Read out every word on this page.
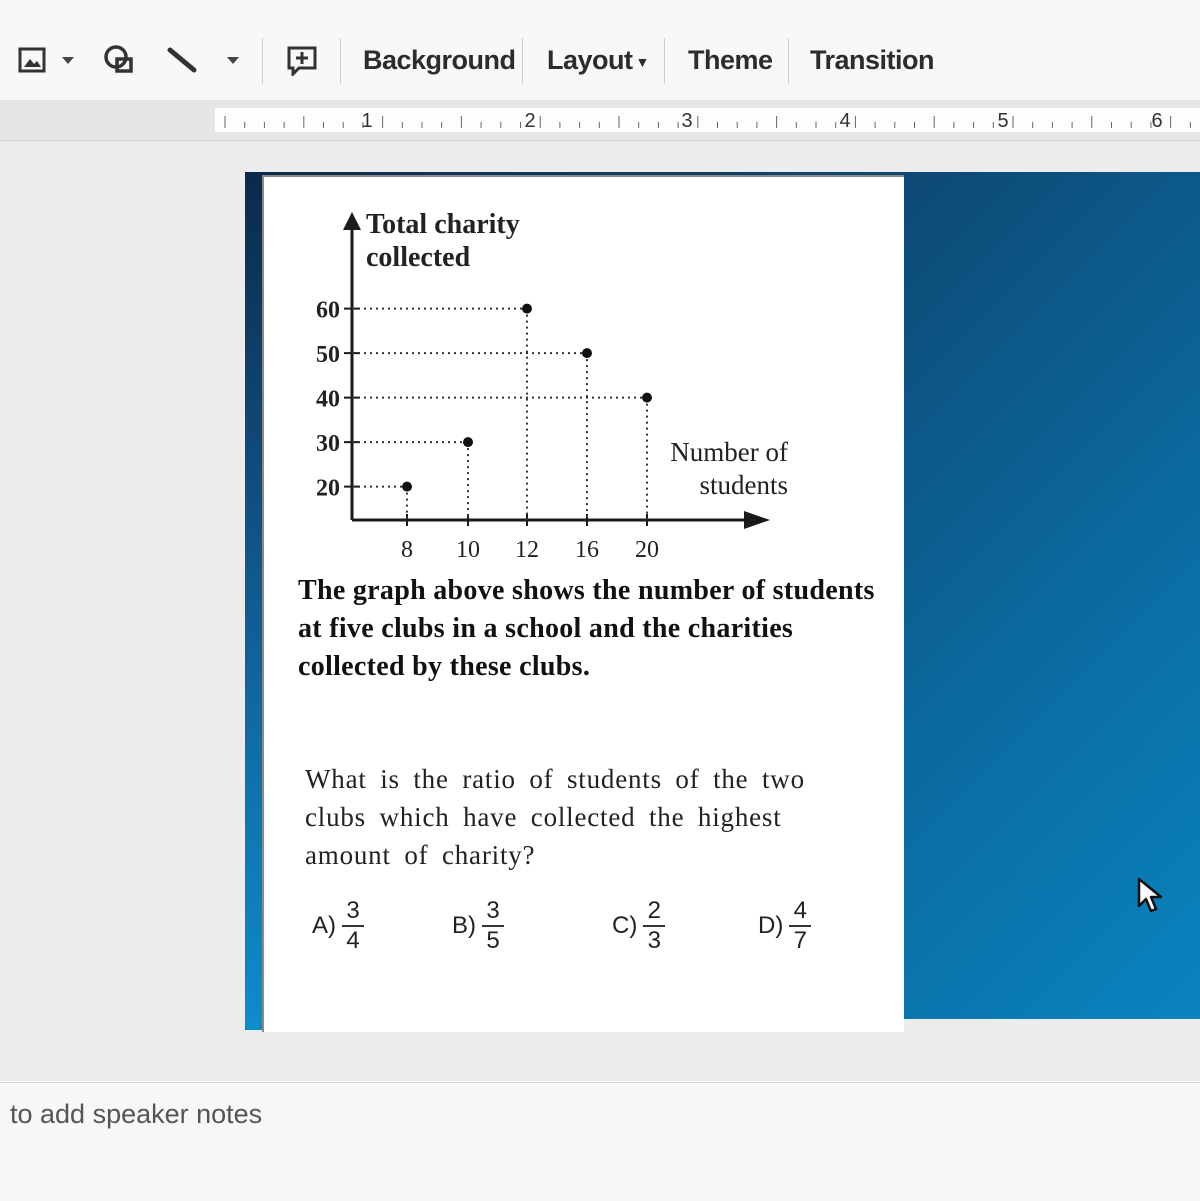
Background Layout ▼ Theme Transition
1	2	3	4	5	6
20
30
40
50
60
8 10 12 16 20
Total charity
collected
Number of
students
The graph above shows the number of students at five clubs in a school and the charities collected by these clubs.
What is the ratio of students of the two clubs which have collected the highest amount of charity?
$A) \frac{3}{4}$	$B) \frac{3}{5}$	$C) \frac{2}{3}$	$D) \frac{4}{7}$
to add speaker notes
